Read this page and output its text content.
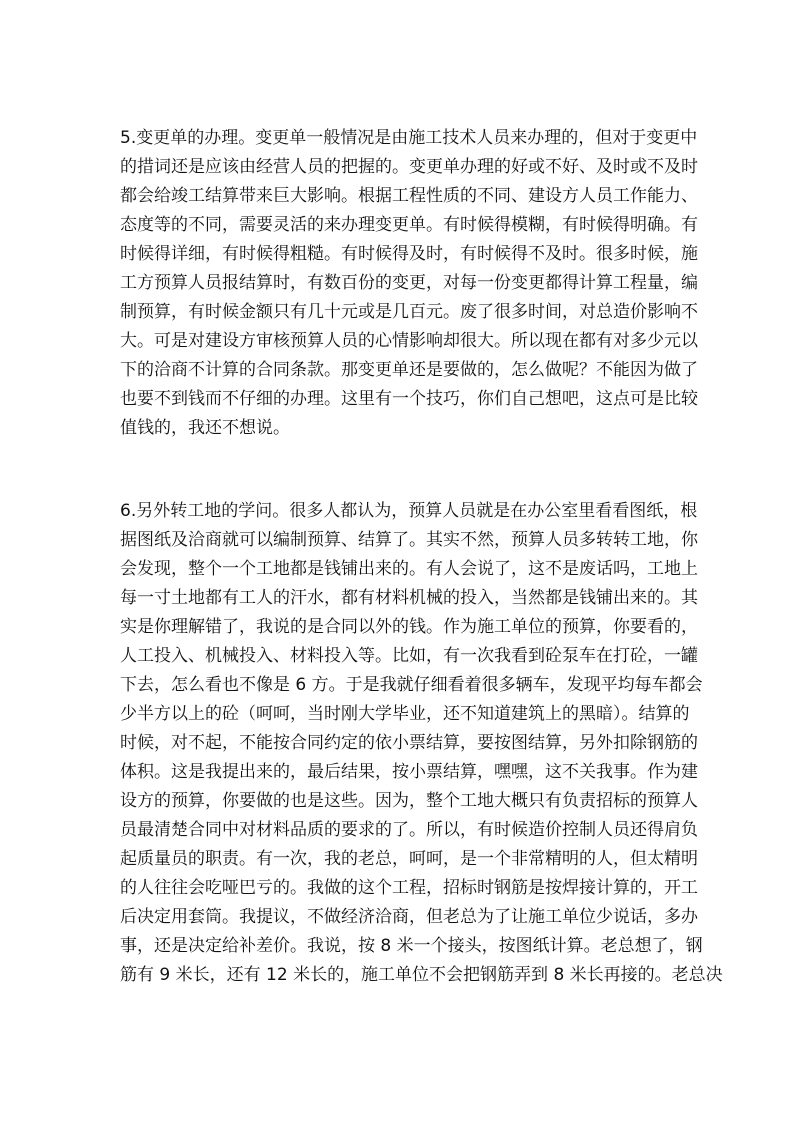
5.变更单的办理。变更单一般情况是由施工技术人员来办理的，但对于变更中
的措词还是应该由经营人员的把握的。变更单办理的好或不好、及时或不及时
都会给竣工结算带来巨大影响。根据工程性质的不同、建设方人员工作能力、
态度等的不同，需要灵活的来办理变更单。有时候得模糊，有时候得明确。有
时候得详细，有时候得粗糙。有时候得及时，有时候得不及时。很多时候，施
工方预算人员报结算时，有数百份的变更，对每一份变更都得计算工程量，编
制预算，有时候金额只有几十元或是几百元。废了很多时间，对总造价影响不
大。可是对建设方审核预算人员的心情影响却很大。所以现在都有对多少元以
下的洽商不计算的合同条款。那变更单还是要做的，怎么做呢？不能因为做了
也要不到钱而不仔细的办理。这里有一个技巧，你们自己想吧，这点可是比较
值钱的，我还不想说。
6.另外转工地的学问。很多人都认为，预算人员就是在办公室里看看图纸，根
据图纸及洽商就可以编制预算、结算了。其实不然，预算人员多转转工地，你
会发现，整个一个工地都是钱铺出来的。有人会说了，这不是废话吗，工地上
每一寸土地都有工人的汗水，都有材料机械的投入，当然都是钱铺出来的。其
实是你理解错了，我说的是合同以外的钱。作为施工单位的预算，你要看的，
人工投入、机械投入、材料投入等。比如，有一次我看到砼泵车在打砼，一罐
下去，怎么看也不像是 6 方。于是我就仔细看着很多辆车，发现平均每车都会
少半方以上的砼（呵呵，当时刚大学毕业，还不知道建筑上的黑暗）。结算的
时候，对不起，不能按合同约定的依小票结算，要按图结算，另外扣除钢筋的
体积。这是我提出来的，最后结果，按小票结算，嘿嘿，这不关我事。作为建
设方的预算，你要做的也是这些。因为，整个工地大概只有负责招标的预算人
员最清楚合同中对材料品质的要求的了。所以，有时候造价控制人员还得肩负
起质量员的职责。有一次，我的老总，呵呵，是一个非常精明的人，但太精明
的人往往会吃哑巴亏的。我做的这个工程，招标时钢筋是按焊接计算的，开工
后决定用套筒。我提议，不做经济洽商，但老总为了让施工单位少说话，多办
事，还是决定给补差价。我说，按 8 米一个接头，按图纸计算。老总想了，钢
筋有 9 米长，还有 12 米长的，施工单位不会把钢筋弄到 8 米长再接的。老总决
